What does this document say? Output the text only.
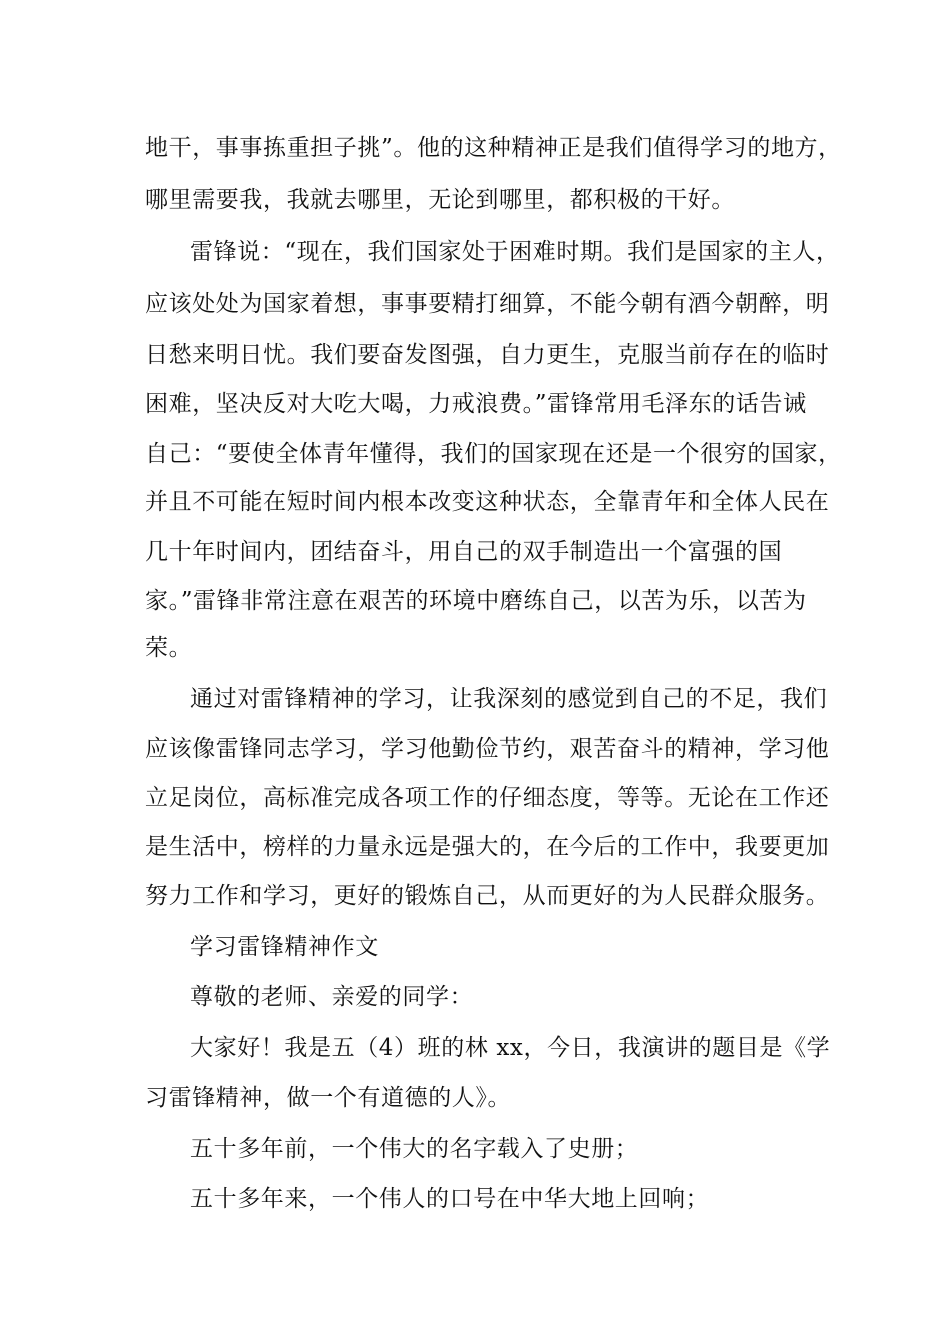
地干，事事拣重担子挑”。他的这种精神正是我们值得学习的地方，
哪里需要我，我就去哪里，无论到哪里，都积极的干好。
雷锋说：“现在，我们国家处于困难时期。我们是国家的主人，
应该处处为国家着想，事事要精打细算，不能今朝有酒今朝醉，明
日愁来明日忧。我们要奋发图强，自力更生，克服当前存在的临时
困难，坚决反对大吃大喝，力戒浪费。”雷锋常用毛泽东的话告诫
自己：“要使全体青年懂得，我们的国家现在还是一个很穷的国家，
并且不可能在短时间内根本改变这种状态，全靠青年和全体人民在
几十年时间内，团结奋斗，用自己的双手制造出一个富强的国
家。”雷锋非常注意在艰苦的环境中磨练自己，以苦为乐，以苦为
荣。
通过对雷锋精神的学习，让我深刻的感觉到自己的不足，我们
应该像雷锋同志学习，学习他勤俭节约，艰苦奋斗的精神，学习他
立足岗位，高标准完成各项工作的仔细态度，等等。无论在工作还
是生活中，榜样的力量永远是强大的，在今后的工作中，我要更加
努力工作和学习，更好的锻炼自己，从而更好的为人民群众服务。
学习雷锋精神作文
尊敬的老师、亲爱的同学：
大家好！我是五（4）班的林 xx，今日，我演讲的题目是《学
习雷锋精神，做一个有道德的人》。
五十多年前，一个伟大的名字载入了史册；
五十多年来，一个伟人的口号在中华大地上回响；
